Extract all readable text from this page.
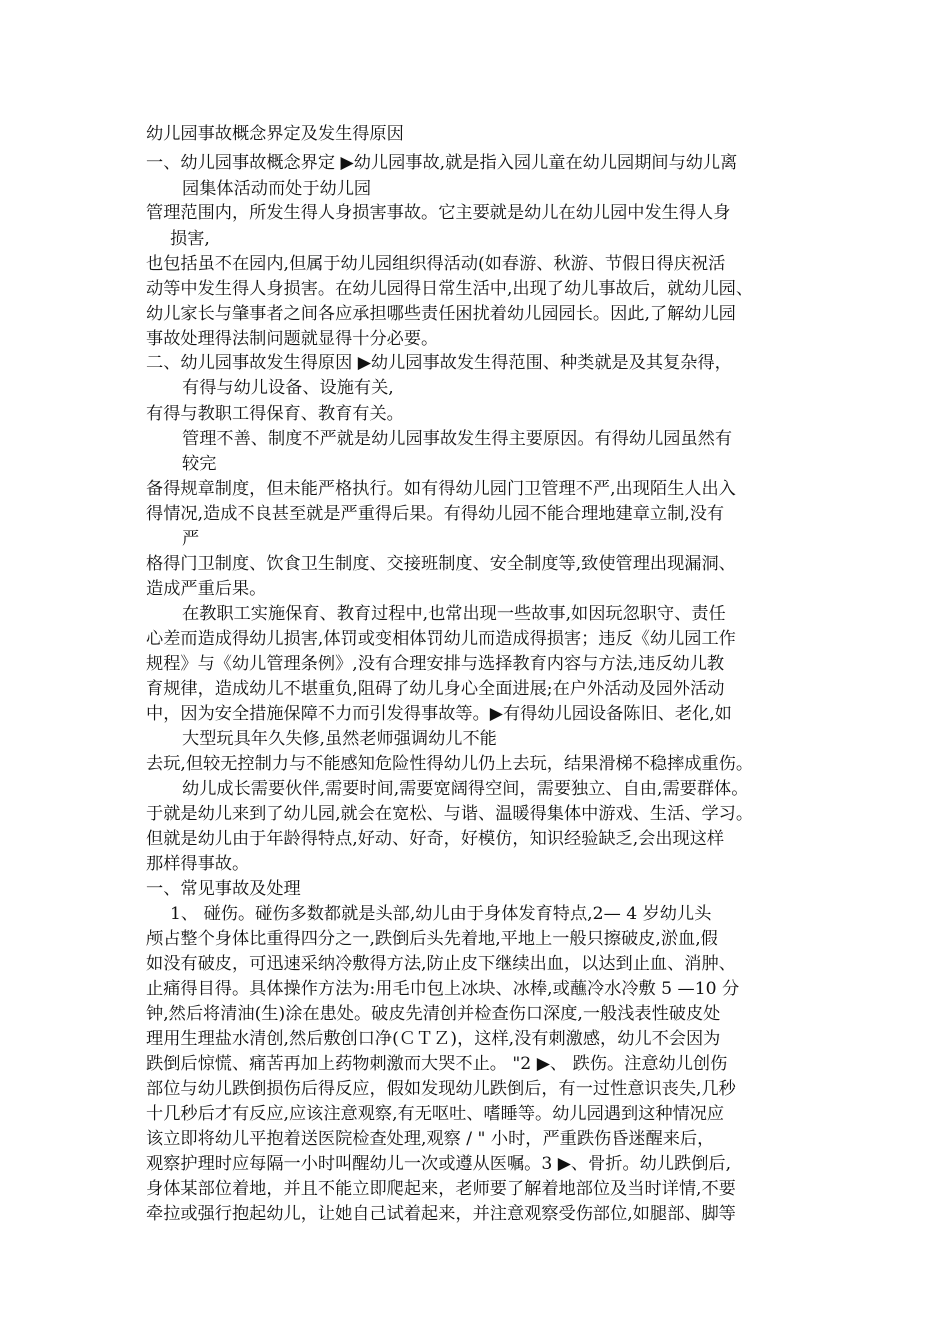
幼儿园事故概念界定及发生得原因
一、幼儿园事故概念界定 ▶幼儿园事故,就是指入园儿童在幼儿园期间与幼儿离
园集体活动而处于幼儿园
管理范围内，所发生得人身损害事故。它主要就是幼儿在幼儿园中发生得人身
损害,
也包括虽不在园内,但属于幼儿园组织得活动(如春游、秋游、节假日得庆祝活
动等中发生得人身损害。在幼儿园得日常生活中,出现了幼儿事故后，就幼儿园、
幼儿家长与肇事者之间各应承担哪些责任困扰着幼儿园园长。因此,了解幼儿园
事故处理得法制问题就显得十分必要。
二、幼儿园事故发生得原因 ▶幼儿园事故发生得范围、种类就是及其复杂得，
有得与幼儿设备、设施有关,
有得与教职工得保育、教育有关。
管理不善、制度不严就是幼儿园事故发生得主要原因。有得幼儿园虽然有
较完
备得规章制度，但未能严格执行。如有得幼儿园门卫管理不严,出现陌生人出入
得情况,造成不良甚至就是严重得后果。有得幼儿园不能合理地建章立制,没有
严
格得门卫制度、饮食卫生制度、交接班制度、安全制度等,致使管理出现漏洞、
造成严重后果。
在教职工实施保育、教育过程中,也常出现一些故事,如因玩忽职守、责任
心差而造成得幼儿损害,体罚或变相体罚幼儿而造成得损害；违反《幼儿园工作
规程》与《幼儿管理条例》,没有合理安排与选择教育内容与方法,违反幼儿教
育规律，造成幼儿不堪重负,阻碍了幼儿身心全面进展;在户外活动及园外活动
中，因为安全措施保障不力而引发得事故等。▶有得幼儿园设备陈旧、老化,如
大型玩具年久失修,虽然老师强调幼儿不能
去玩,但较无控制力与不能感知危险性得幼儿仍上去玩，结果滑梯不稳摔成重伤。
幼儿成长需要伙伴,需要时间,需要宽阔得空间，需要独立、自由,需要群体。
于就是幼儿来到了幼儿园,就会在宽松、与谐、温暖得集体中游戏、生活、学习。
但就是幼儿由于年龄得特点,好动、好奇，好模仿，知识经验缺乏,会出现这样
那样得事故。
一、常见事故及处理
1、 碰伤。碰伤多数都就是头部,幼儿由于身体发育特点,2— 4 岁幼儿头
颅占整个身体比重得四分之一,跌倒后头先着地,平地上一般只擦破皮,淤血,假
如没有破皮，可迅速采纳冷敷得方法,防止皮下继续出血，以达到止血、消肿、
止痛得目得。具体操作方法为:用毛巾包上冰块、冰棒,或蘸冷水冷敷 5 —10 分
钟,然后将清油(生)涂在患处。破皮先清创并检查伤口深度,一般浅表性破皮处
理用生理盐水清创,然后敷创口净(ＣＴＺ)，这样,没有刺激感，幼儿不会因为
跌倒后惊慌、痛苦再加上药物刺激而大哭不止。 "2 ▶、 跌伤。注意幼儿创伤
部位与幼儿跌倒损伤后得反应，假如发现幼儿跌倒后，有一过性意识丧失,几秒
十几秒后才有反应,应该注意观察,有无呕吐、嗜睡等。幼儿园遇到这种情况应
该立即将幼儿平抱着送医院检查处理,观察 / " 小时，严重跌伤昏迷醒来后，
观察护理时应每隔一小时叫醒幼儿一次或遵从医嘱。3 ▶、骨折。幼儿跌倒后,
身体某部位着地，并且不能立即爬起来，老师要了解着地部位及当时详情,不要
牵拉或强行抱起幼儿，让她自己试着起来，并注意观察受伤部位,如腿部、脚等
